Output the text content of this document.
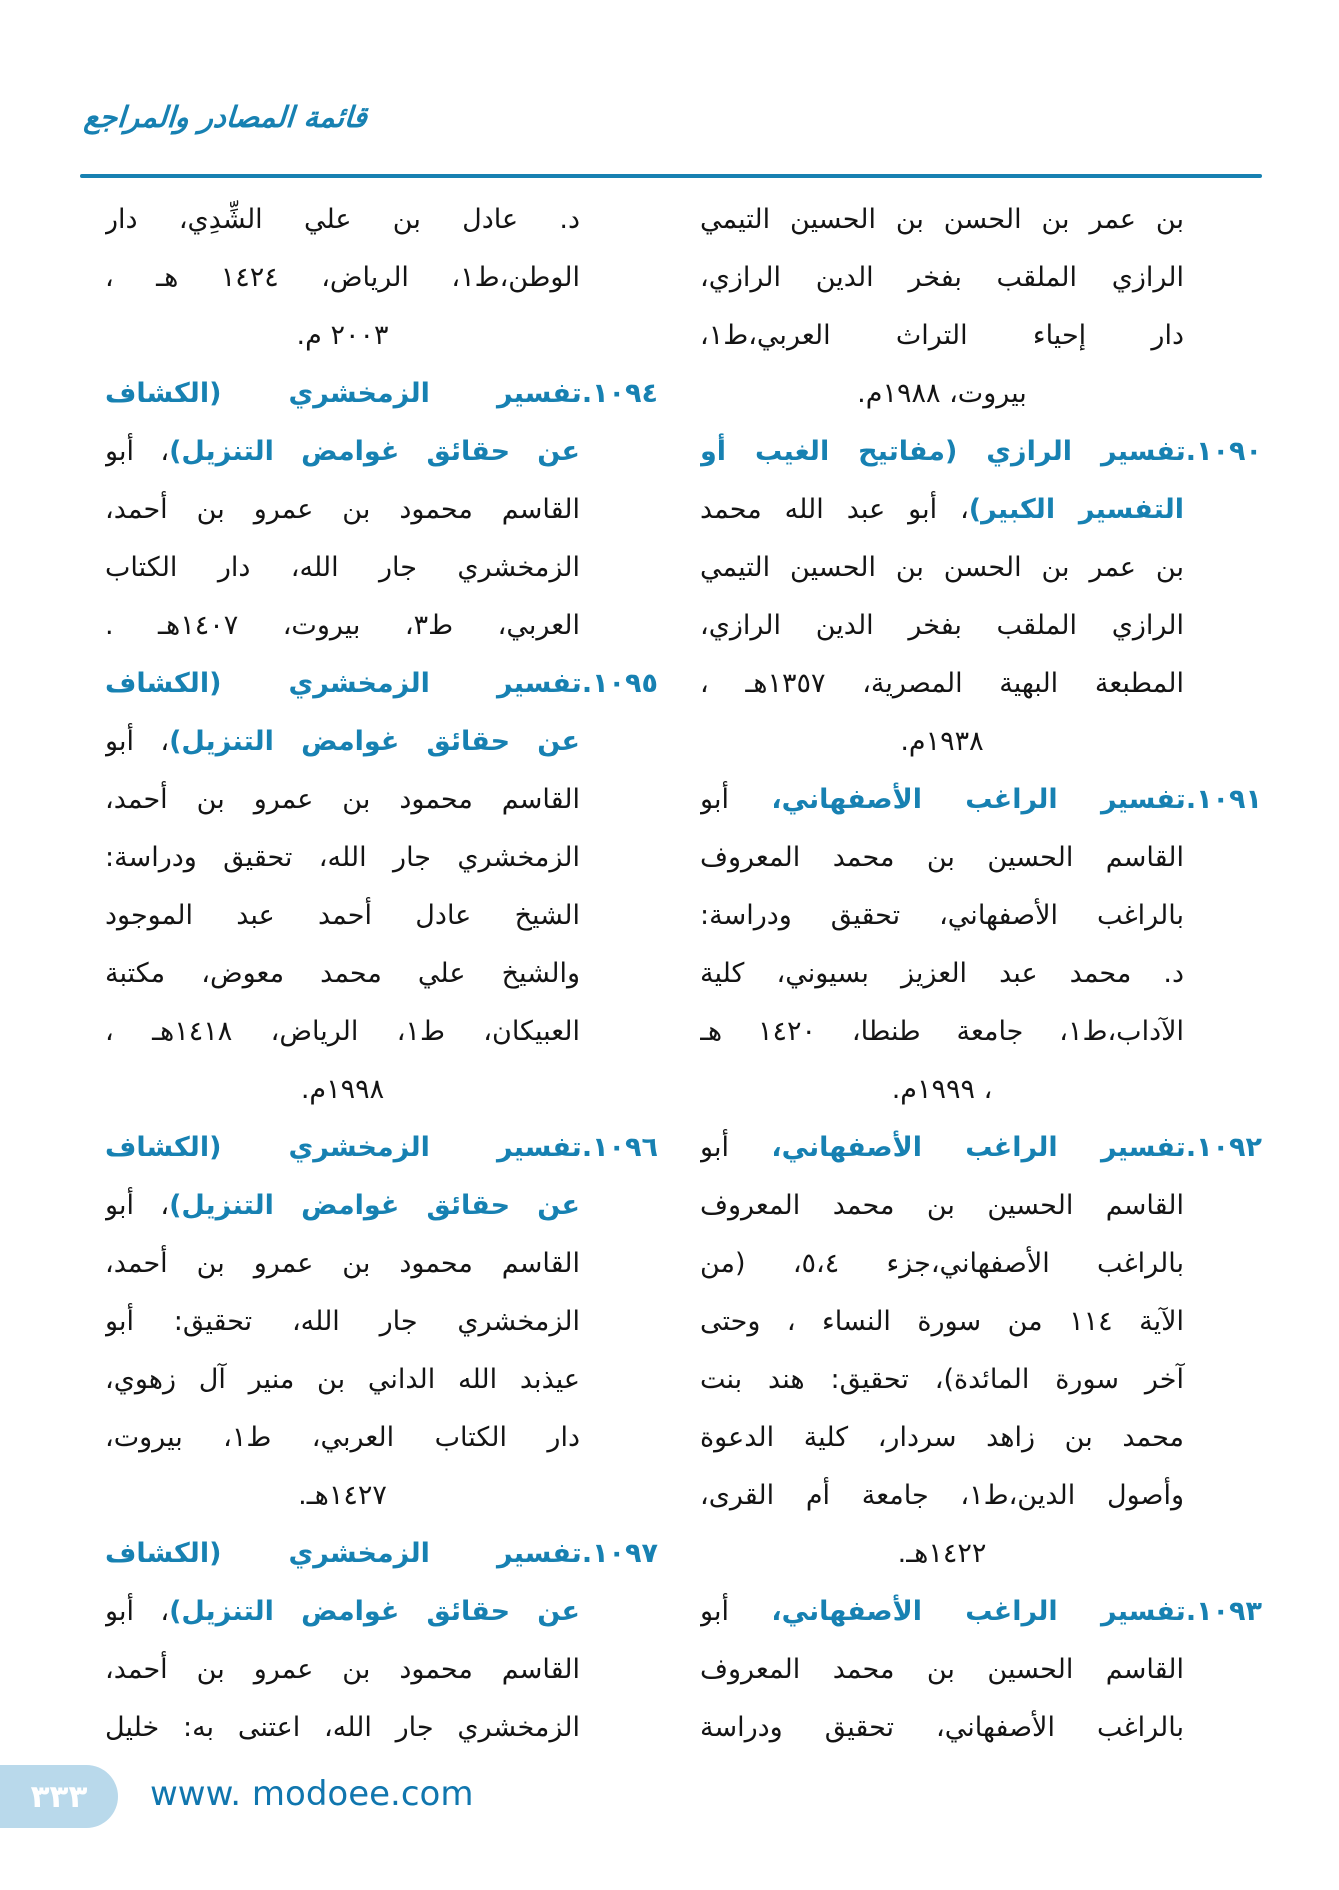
قائمة المصادر والمراجع
بن عمر بن الحسن بن الحسين التيمي
الرازي الملقب بفخر الدين الرازي،
دار إحياء التراث العربي،ط١،
بيروت، ١٩٨٨م.
١٠٩٠.تفسير الرازي (مفاتيح الغيب أو
التفسير الكبير)، أبو عبد الله محمد
بن عمر بن الحسن بن الحسين التيمي
الرازي الملقب بفخر الدين الرازي،
المطبعة البهية المصرية، ١٣٥٧هـ ،
١٩٣٨م.
١٠٩١.تفسير الراغب الأصفهاني، أبو
القاسم الحسين بن محمد المعروف
بالراغب الأصفهاني، تحقيق ودراسة:
د. محمد عبد العزيز بسيوني، كلية
الآداب،ط١، جامعة طنطا، ١٤٢٠ هـ
، ١٩٩٩م.
١٠٩٢.تفسير الراغب الأصفهاني، أبو
القاسم الحسين بن محمد المعروف
بالراغب الأصفهاني،جزء ٥،٤، (من
الآية ١١٤ من سورة النساء ، وحتى
آخر سورة المائدة)، تحقيق: هند بنت
محمد بن زاهد سردار، كلية الدعوة
وأصول الدين،ط١، جامعة أم القرى،
١٤٢٢هـ.
١٠٩٣.تفسير الراغب الأصفهاني، أبو
القاسم الحسين بن محمد المعروف
بالراغب الأصفهاني، تحقيق ودراسة
د. عادل بن علي الشِّدِي، دار
الوطن،ط١، الرياض، ١٤٢٤ هـ ،
٢٠٠٣ م.
١٠٩٤.تفسير الزمخشري (الكشاف
عن حقائق غوامض التنزيل)، أبو
القاسم محمود بن عمرو بن أحمد،
الزمخشري جار الله، دار الكتاب
العربي، ط٣، بيروت، ١٤٠٧هـ .
١٠٩٥.تفسير الزمخشري (الكشاف
عن حقائق غوامض التنزيل)، أبو
القاسم محمود بن عمرو بن أحمد،
الزمخشري جار الله، تحقيق ودراسة:
الشيخ عادل أحمد عبد الموجود
والشيخ علي محمد معوض، مكتبة
العبيكان، ط١، الرياض، ١٤١٨هـ ،
١٩٩٨م.
١٠٩٦.تفسير الزمخشري (الكشاف
عن حقائق غوامض التنزيل)، أبو
القاسم محمود بن عمرو بن أحمد،
الزمخشري جار الله، تحقيق: أبو
عيذبد الله الداني بن منير آل زهوي،
دار الكتاب العربي، ط١، بيروت،
١٤٢٧هـ.
١٠٩٧.تفسير الزمخشري (الكشاف
عن حقائق غوامض التنزيل)، أبو
القاسم محمود بن عمرو بن أحمد،
الزمخشري جار الله، اعتنى به: خليل
٣٣٣ www. modoee.com
